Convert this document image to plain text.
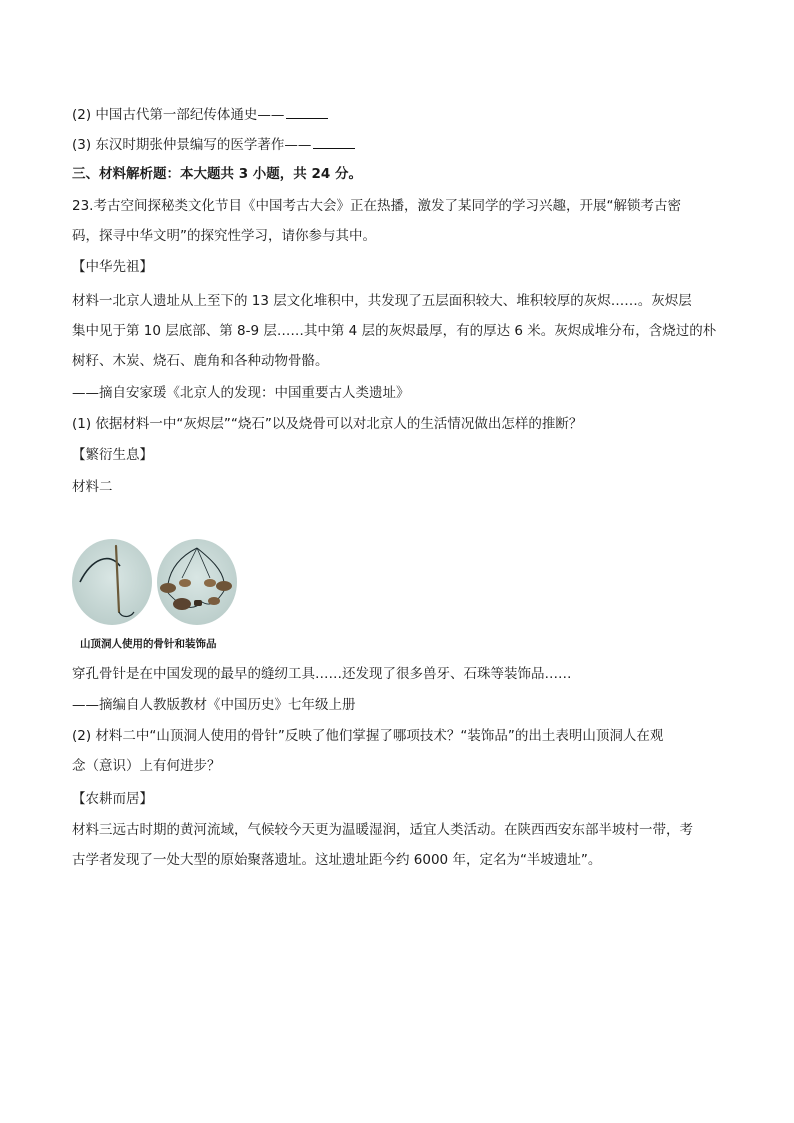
(2) 中国古代第一部纪传体通史——
(3) 东汉时期张仲景编写的医学著作——
三、材料解析题：本大题共 3 小题，共 24 分。
23.考古空间探秘类文化节目《中国考古大会》正在热播，激发了某同学的学习兴趣，开展“解锁考古密
码，探寻中华文明”的探究性学习，请你参与其中。
【中华先祖】
材料一北京人遗址从上至下的 13 层文化堆积中，共发现了五层面积较大、堆积较厚的灰烬……。灰烬层
集中见于第 10 层底部、第 8-9 层……其中第 4 层的灰烬最厚，有的厚达 6 米。灰烬成堆分布，含烧过的朴
树籽、木炭、烧石、鹿角和各种动物骨骼。
——摘自安家瑗《北京人的发现：中国重要古人类遗址》
(1) 依据材料一中“灰烬层”“烧石”以及烧骨可以对北京人的生活情况做出怎样的推断？
【繁衍生息】
材料二
穿孔骨针是在中国发现的最早的缝纫工具……还发现了很多兽牙、石珠等装饰品……
——摘编自人教版教材《中国历史》七年级上册
(2) 材料二中“山顶洞人使用的骨针”反映了他们掌握了哪项技术？“装饰品”的出土表明山顶洞人在观
念（意识）上有何进步？
【农耕而居】
材料三远古时期的黄河流域，气候较今天更为温暖湿润，适宜人类活动。在陕西西安东部半坡村一带，考
古学者发现了一处大型的原始聚落遗址。这址遗址距今约 6000 年，定名为“半坡遗址”。
山顶洞人使用的骨针和装饰品
